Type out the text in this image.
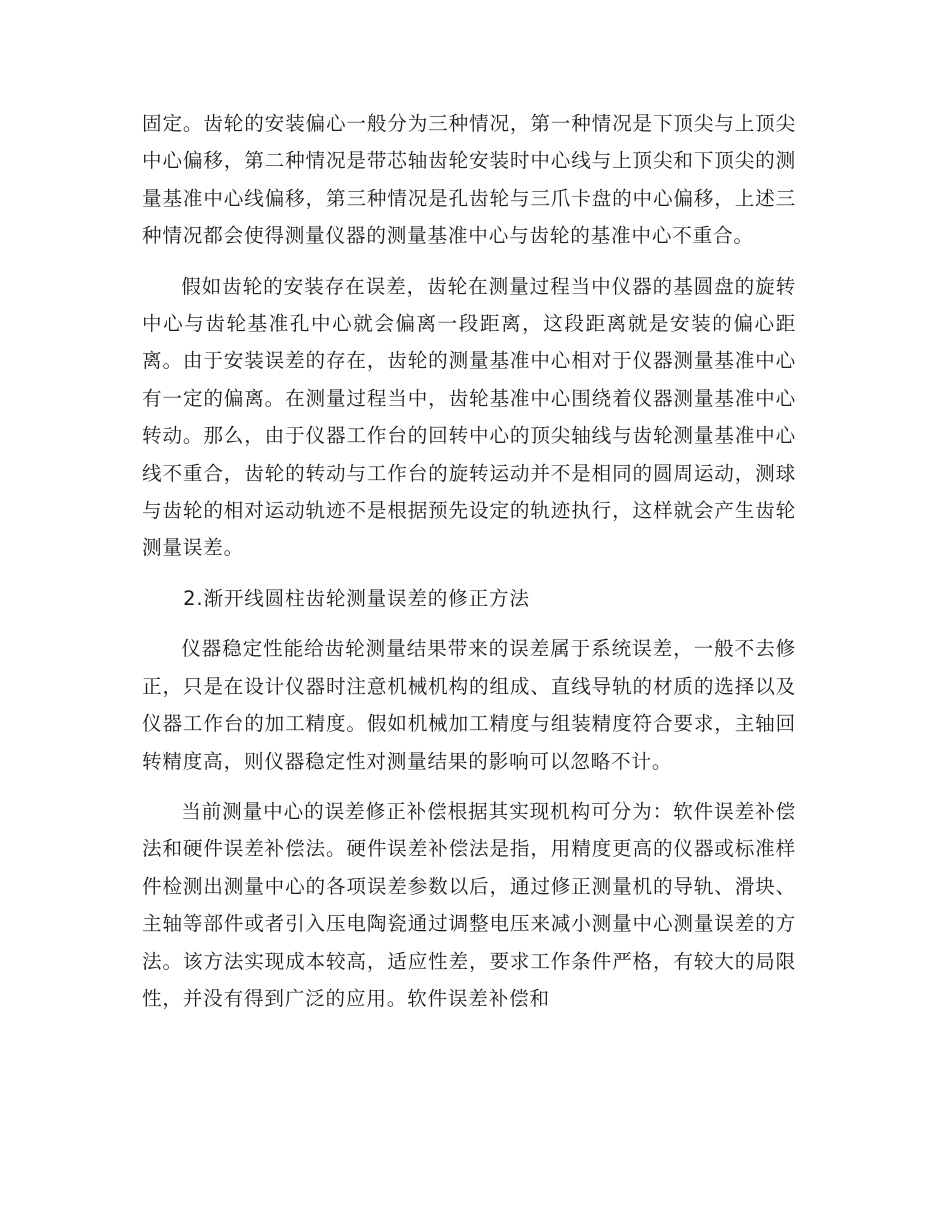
固定。齿轮的安装偏心一般分为三种情况，第一种情况是下顶尖与上顶尖中心偏移，第二种情况是带芯轴齿轮安装时中心线与上顶尖和下顶尖的测量基准中心线偏移，第三种情况是孔齿轮与三爪卡盘的中心偏移，上述三种情况都会使得测量仪器的测量基准中心与齿轮的基准中心不重合。

假如齿轮的安装存在误差，齿轮在测量过程当中仪器的基圆盘的旋转中心与齿轮基准孔中心就会偏离一段距离，这段距离就是安装的偏心距离。由于安装误差的存在，齿轮的测量基准中心相对于仪器测量基准中心有一定的偏离。在测量过程当中，齿轮基准中心围绕着仪器测量基准中心转动。那么，由于仪器工作台的回转中心的顶尖轴线与齿轮测量基准中心线不重合，齿轮的转动与工作台的旋转运动并不是相同的圆周运动，测球与齿轮的相对运动轨迹不是根据预先设定的轨迹执行，这样就会产生齿轮测量误差。

2.渐开线圆柱齿轮测量误差的修正方法

仪器稳定性能给齿轮测量结果带来的误差属于系统误差，一般不去修正，只是在设计仪器时注意机械机构的组成、直线导轨的材质的选择以及仪器工作台的加工精度。假如机械加工精度与组装精度符合要求，主轴回转精度高，则仪器稳定性对测量结果的影响可以忽略不计。

当前测量中心的误差修正补偿根据其实现机构可分为：软件误差补偿法和硬件误差补偿法。硬件误差补偿法是指，用精度更高的仪器或标准样件检测出测量中心的各项误差参数以后，通过修正测量机的导轨、滑块、主轴等部件或者引入压电陶瓷通过调整电压来减小测量中心测量误差的方法。该方法实现成本较高，适应性差，要求工作条件严格，有较大的局限性，并没有得到广泛的应用。软件误差补偿和
